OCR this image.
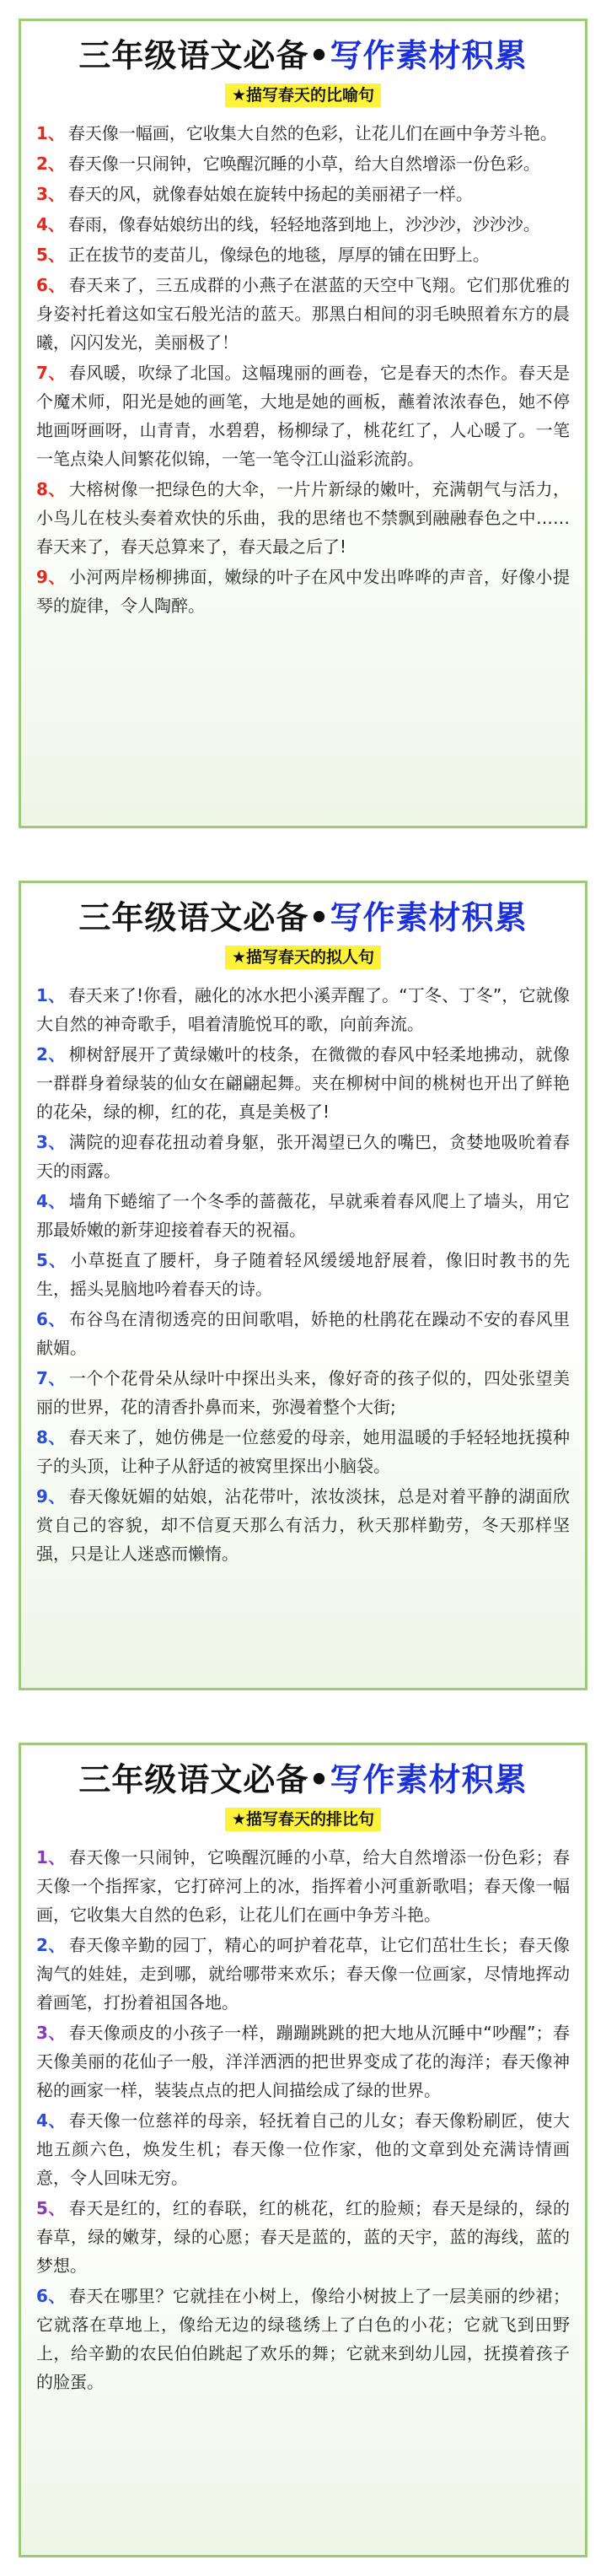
三年级语文必备•写作素材积累
★描写春天的比喻句
1、 春天像一幅画，它收集大自然的色彩，让花儿们在画中争芳斗艳。
2、 春天像一只闹钟，它唤醒沉睡的小草，给大自然增添一份色彩。
3、 春天的风，就像春姑娘在旋转中扬起的美丽裙子一样。
4、 春雨，像春姑娘纺出的线，轻轻地落到地上，沙沙沙，沙沙沙。
5、 正在拔节的麦苗儿，像绿色的地毯，厚厚的铺在田野上。
6、 春天来了，三五成群的小燕子在湛蓝的天空中飞翔。它们那优雅的身姿衬托着这如宝石般光洁的蓝天。那黑白相间的羽毛映照着东方的晨曦，闪闪发光，美丽极了！
7、 春风暖，吹绿了北国。这幅瑰丽的画卷，它是春天的杰作。春天是个魔术师，阳光是她的画笔，大地是她的画板，蘸着浓浓春色，她不停地画呀画呀，山青青，水碧碧，杨柳绿了，桃花红了，人心暖了。一笔一笔点染人间繁花似锦，一笔一笔令江山溢彩流韵。
8、 大榕树像一把绿色的大伞，一片片新绿的嫩叶，充满朝气与活力，小鸟儿在枝头奏着欢快的乐曲，我的思绪也不禁飘到融融春色之中……春天来了，春天总算来了，春天最之后了!
9、 小河两岸杨柳拂面，嫩绿的叶子在风中发出哗哗的声音，好像小提琴的旋律，令人陶醉。
三年级语文必备•写作素材积累
★描写春天的拟人句
1、 春天来了!你看，融化的冰水把小溪弄醒了。“丁冬、丁冬”，它就像大自然的神奇歌手，唱着清脆悦耳的歌，向前奔流。
2、 柳树舒展开了黄绿嫩叶的枝条，在微微的春风中轻柔地拂动，就像一群群身着绿装的仙女在翩翩起舞。夹在柳树中间的桃树也开出了鲜艳的花朵，绿的柳，红的花，真是美极了!
3、 满院的迎春花扭动着身躯，张开渴望已久的嘴巴，贪婪地吸吮着春天的雨露。
4、 墙角下蜷缩了一个冬季的蔷薇花，早就乘着春风爬上了墙头，用它那最娇嫩的新芽迎接着春天的祝福。
5、 小草挺直了腰杆，身子随着轻风缓缓地舒展着，像旧时教书的先生，摇头晃脑地吟着春天的诗。
6、 布谷鸟在清彻透亮的田间歌唱，娇艳的杜鹃花在躁动不安的春风里献媚。
7、 一个个花骨朵从绿叶中探出头来，像好奇的孩子似的，四处张望美丽的世界，花的清香扑鼻而来，弥漫着整个大街;
8、 春天来了，她仿佛是一位慈爱的母亲，她用温暖的手轻轻地抚摸种子的头顶，让种子从舒适的被窝里探出小脑袋。
9、 春天像妩媚的姑娘，沾花带叶，浓妆淡抹，总是对着平静的湖面欣赏自己的容貌，却不信夏天那么有活力，秋天那样勤劳，冬天那样坚强，只是让人迷惑而懒惰。
三年级语文必备•写作素材积累
★描写春天的排比句
1、 春天像一只闹钟，它唤醒沉睡的小草，给大自然增添一份色彩；春天像一个指挥家，它打碎河上的冰，指挥着小河重新歌唱；春天像一幅画，它收集大自然的色彩，让花儿们在画中争芳斗艳。
2、 春天像辛勤的园丁，精心的呵护着花草，让它们茁壮生长；春天像淘气的娃娃，走到哪，就给哪带来欢乐；春天像一位画家，尽情地挥动着画笔，打扮着祖国各地。
3、 春天像顽皮的小孩子一样，蹦蹦跳跳的把大地从沉睡中“吵醒”；春天像美丽的花仙子一般，洋洋洒洒的把世界变成了花的海洋；春天像神秘的画家一样，装装点点的把人间描绘成了绿的世界。
4、 春天像一位慈祥的母亲，轻抚着自己的儿女；春天像粉刷匠，使大地五颜六色，焕发生机；春天像一位作家，他的文章到处充满诗情画意，令人回味无穷。
5、 春天是红的，红的春联，红的桃花，红的脸颊；春天是绿的，绿的春草，绿的嫩芽，绿的心愿；春天是蓝的，蓝的天宇，蓝的海线，蓝的梦想。
6、 春天在哪里？它就挂在小树上，像给小树披上了一层美丽的纱裙；它就落在草地上，像给无边的绿毯绣上了白色的小花；它就飞到田野上，给辛勤的农民伯伯跳起了欢乐的舞；它就来到幼儿园，抚摸着孩子的脸蛋。
